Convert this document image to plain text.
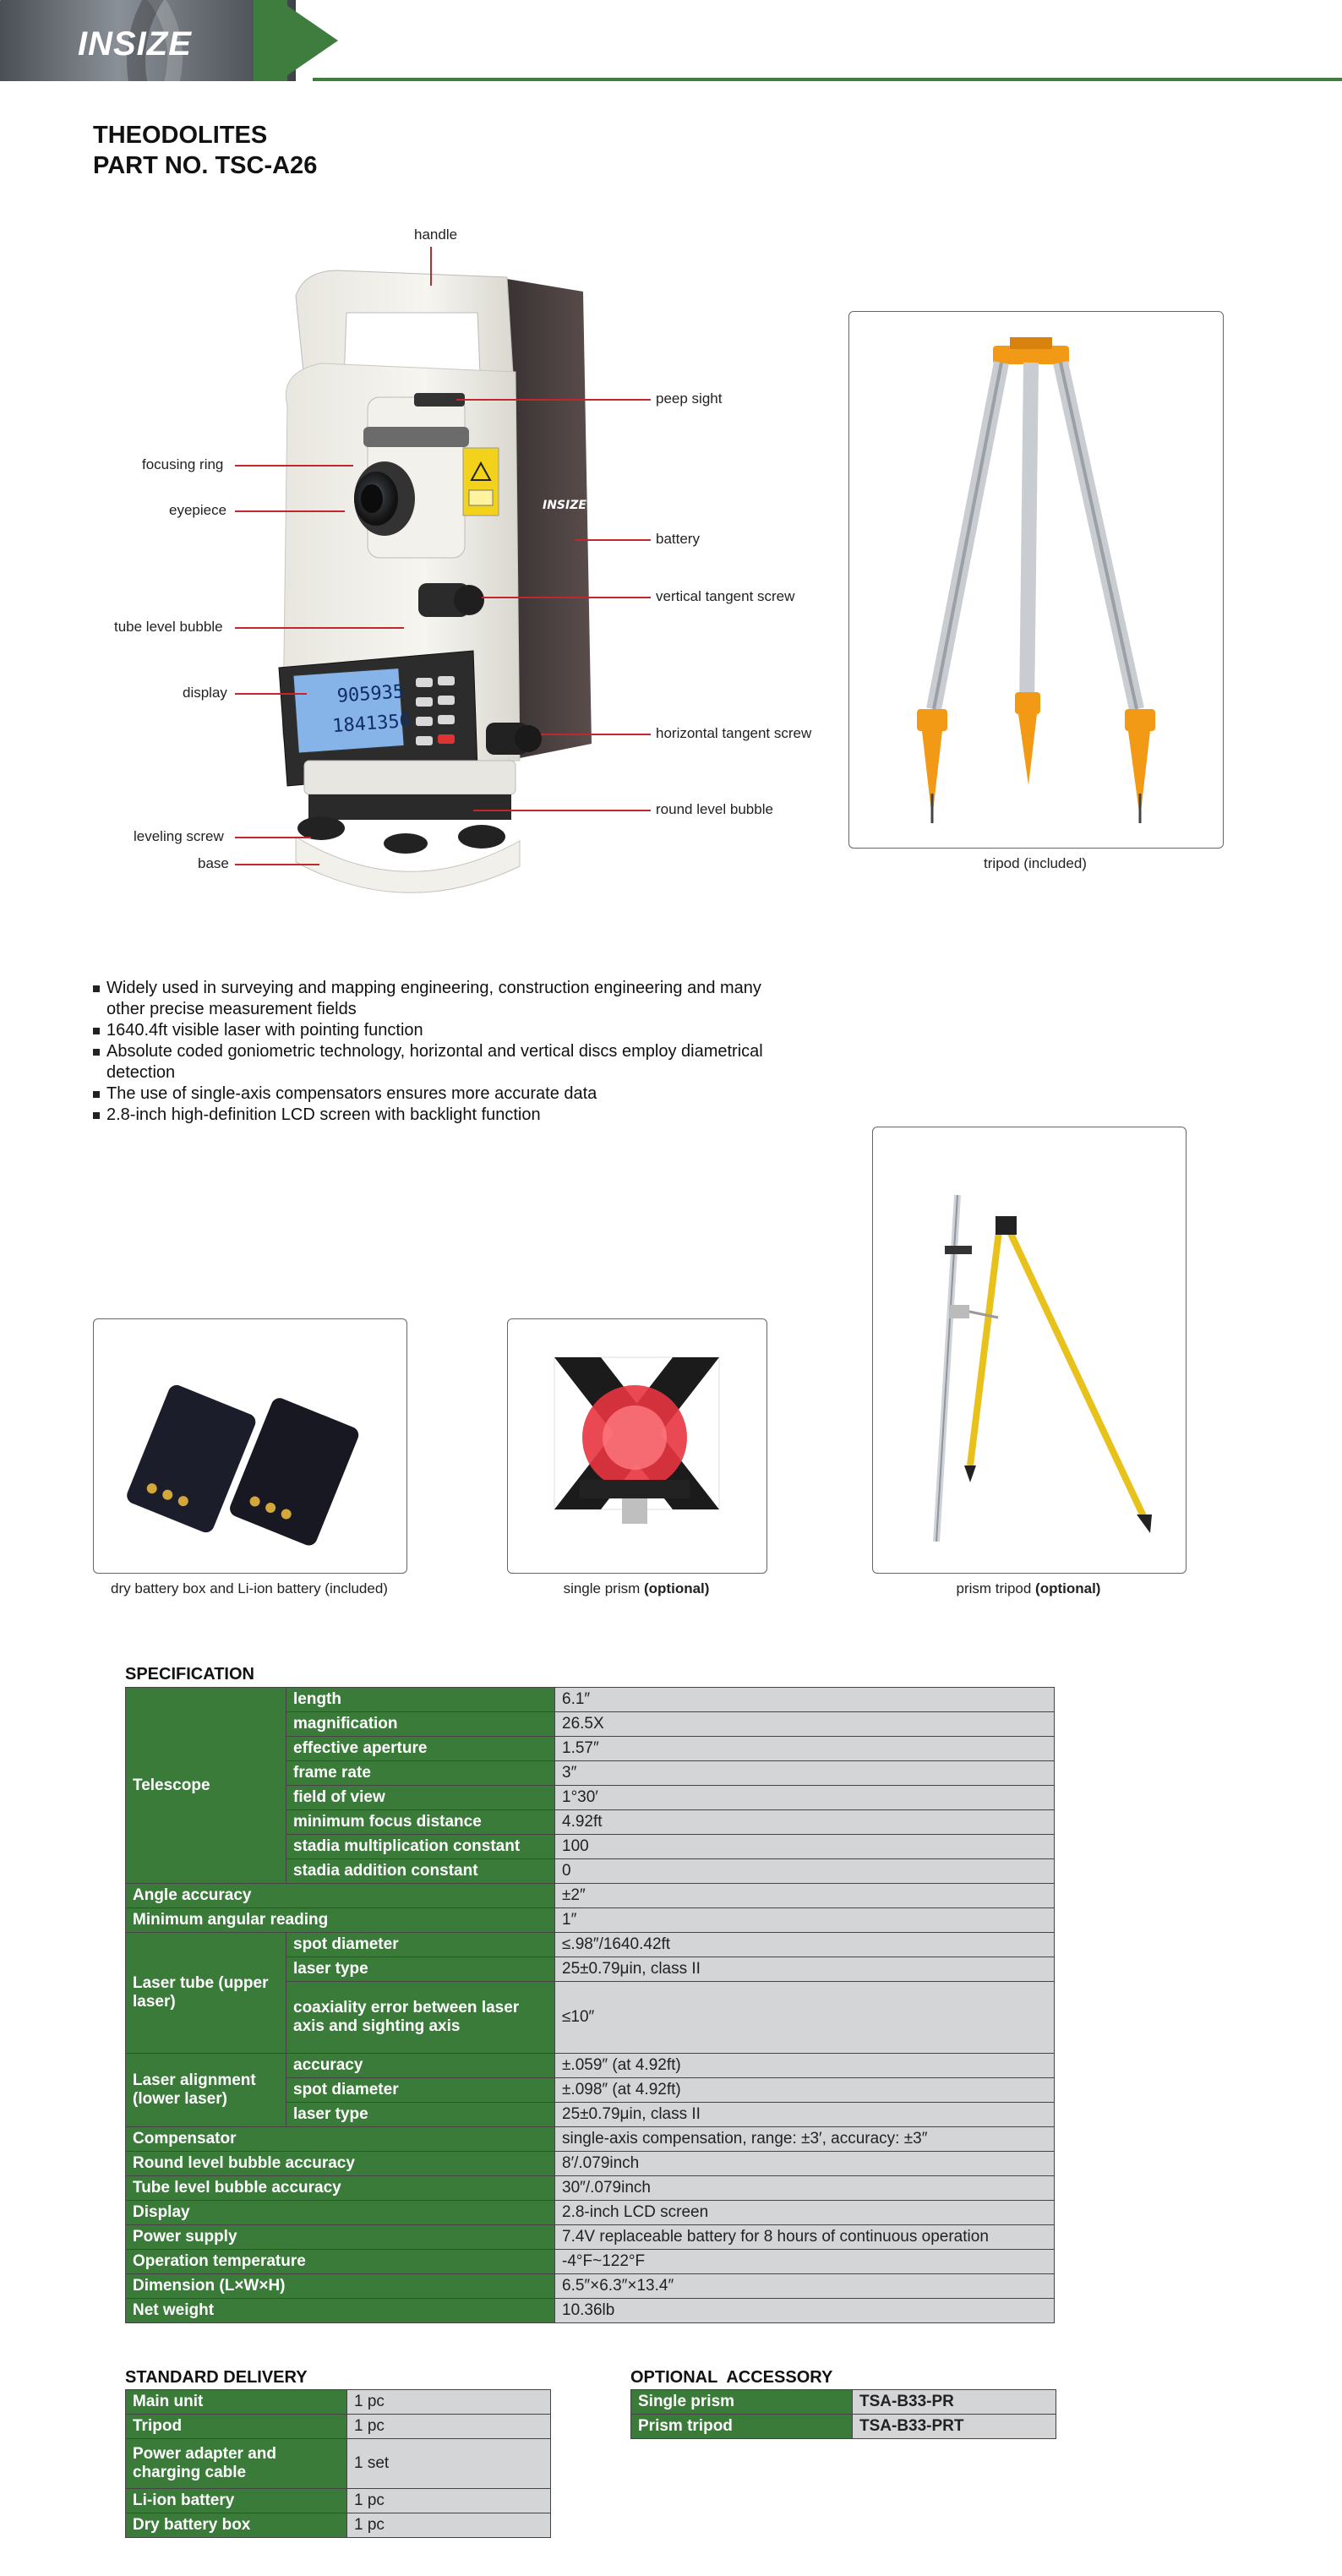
INSIZE
THEODOLITES
PART NO. TSC-A26
905935
1841350
INSIZE
handle
peep sight
focusing ring
eyepiece
battery
vertical tangent screw
tube level bubble
display
horizontal tangent screw
round level bubble
leveling screw
base	tripod (included)
Widely used in surveying and mapping engineering, construction engineering and many other precise measurement fields
1640.4ft visible laser with pointing function
Absolute coded goniometric technology, horizontal and vertical discs employ diametrical detection
The use of single-axis compensators ensures more accurate data
2.8-inch high-definition LCD screen with backlight function
dry battery box and Li-ion battery (included)	single prism (optional)	prism tripod (optional)
SPECIFICATION
Telescope	length	6.1″
	magnification	26.5X
	effective aperture	1.57″
	frame rate	3″
	field of view	1°30′
	minimum focus distance	4.92ft
	stadia multiplication constant	100
	stadia addition constant	0
Angle accuracy		±2″
Minimum angular reading		1″
Laser tube (upper laser)	spot diameter	≤.98″/1640.42ft
	laser type	25±0.79μin, class II
	coaxiality error between laser axis and sighting axis	≤10″
Laser alignment (lower laser)	accuracy	±.059″ (at 4.92ft)
	spot diameter	±.098″ (at 4.92ft)
	laser type	25±0.79μin, class II
Compensator		single-axis compensation, range: ±3′, accuracy: ±3″
Round level bubble accuracy		8′/.079inch
Tube level bubble accuracy		30″/.079inch
Display		2.8-inch LCD screen
Power supply		7.4V replaceable battery for 8 hours of continuous operation
Operation temperature		-4°F~122°F
Dimension (L×W×H)		6.5″×6.3″×13.4″
Net weight		10.36lb
STANDARD DELIVERY
Main unit	1 pc
Tripod	1 pc
Power adapter and charging cable	1 set
Li-ion battery	1 pc
Dry battery box	1 pc
OPTIONAL  ACCESSORY
Single prism	TSA-B33-PR
Prism tripod	TSA-B33-PRT
